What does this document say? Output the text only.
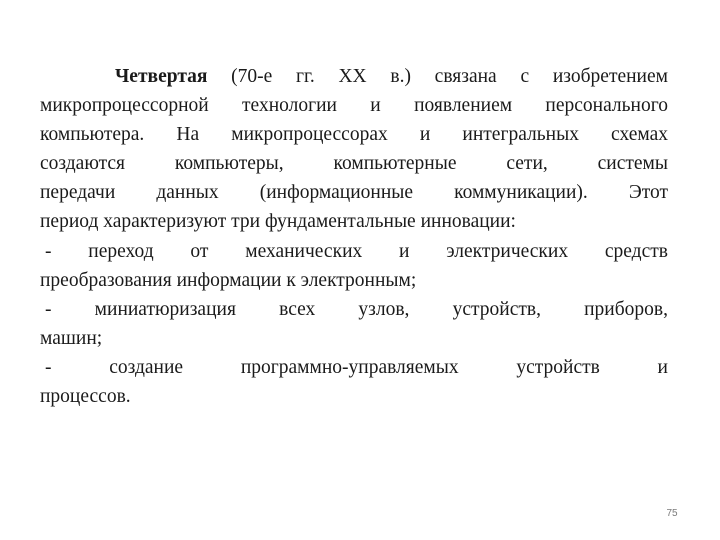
Четвертая (70-е гг. XX в.) связана с изобретением
микропроцессорной технологии и появлением персонального
компьютера. На микропроцессорах и интегральных схемах
создаются компьютеры, компьютерные сети, системы
передачи данных (информационные коммуникации). Этот
период характеризуют три фундаментальные инновации:
- переход от механических и электрических средств
преобразования информации к электронным;
- миниатюризация всех узлов, устройств, приборов,
машин;
- создание программно-управляемых устройств и
процессов.
75
